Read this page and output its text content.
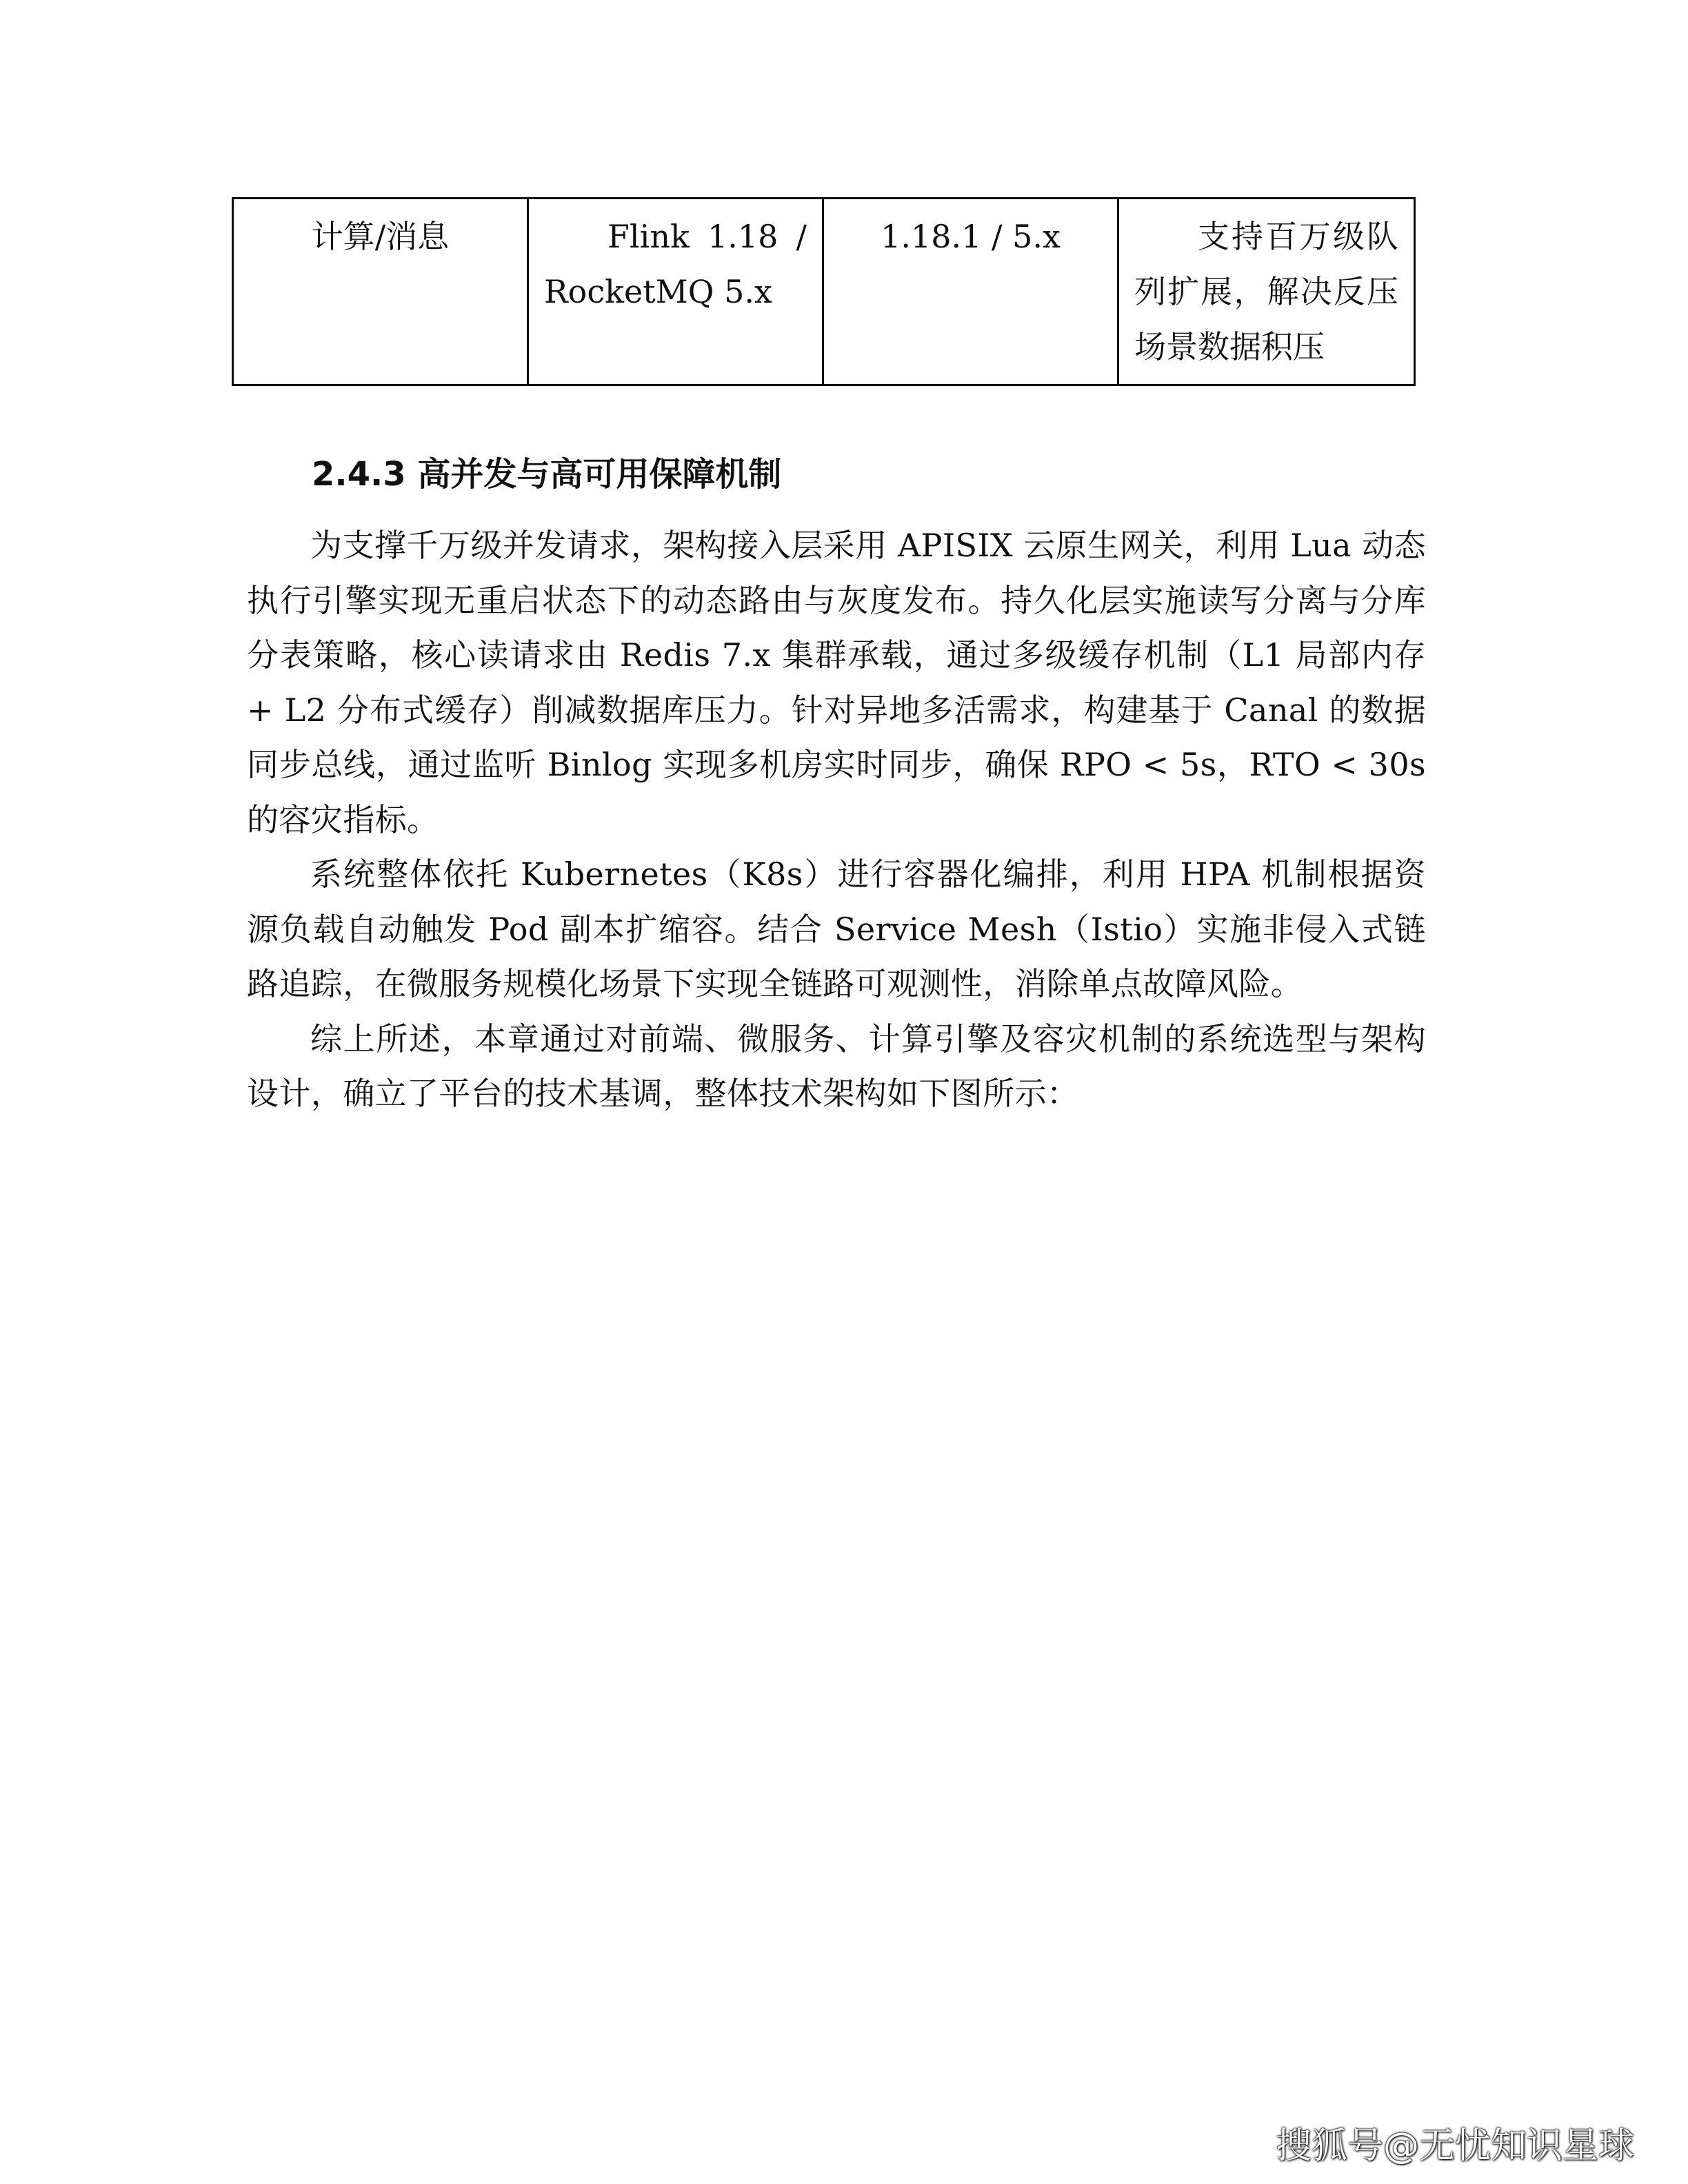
计算/消息	Flink 1.18 / RocketMQ 5.x	1.18.1 / 5.x	支持百万级队列扩展，解决反压场景数据积压
2.4.3 高并发与高可用保障机制

为支撑千万级并发请求，架构接入层采用 APISIX 云原生网关，利用 Lua 动态执行引擎实现无重启状态下的动态路由与灰度发布。持久化层实施读写分离与分库分表策略，核心读请求由 Redis 7.x 集群承载，通过多级缓存机制（L1 局部内存 + L2 分布式缓存）削减数据库压力。针对异地多活需求，构建基于 Canal 的数据同步总线，通过监听 Binlog 实现多机房实时同步，确保 RPO < 5s，RTO < 30s 的容灾指标。

系统整体依托 Kubernetes（K8s）进行容器化编排，利用 HPA 机制根据资源负载自动触发 Pod 副本扩缩容。结合 Service Mesh（Istio）实施非侵入式链路追踪，在微服务规模化场景下实现全链路可观测性，消除单点故障风险。

综上所述，本章通过对前端、微服务、计算引擎及容灾机制的系统选型与架构设计，确立了平台的技术基调，整体技术架构如下图所示：

搜狐号@无忧知识星球
